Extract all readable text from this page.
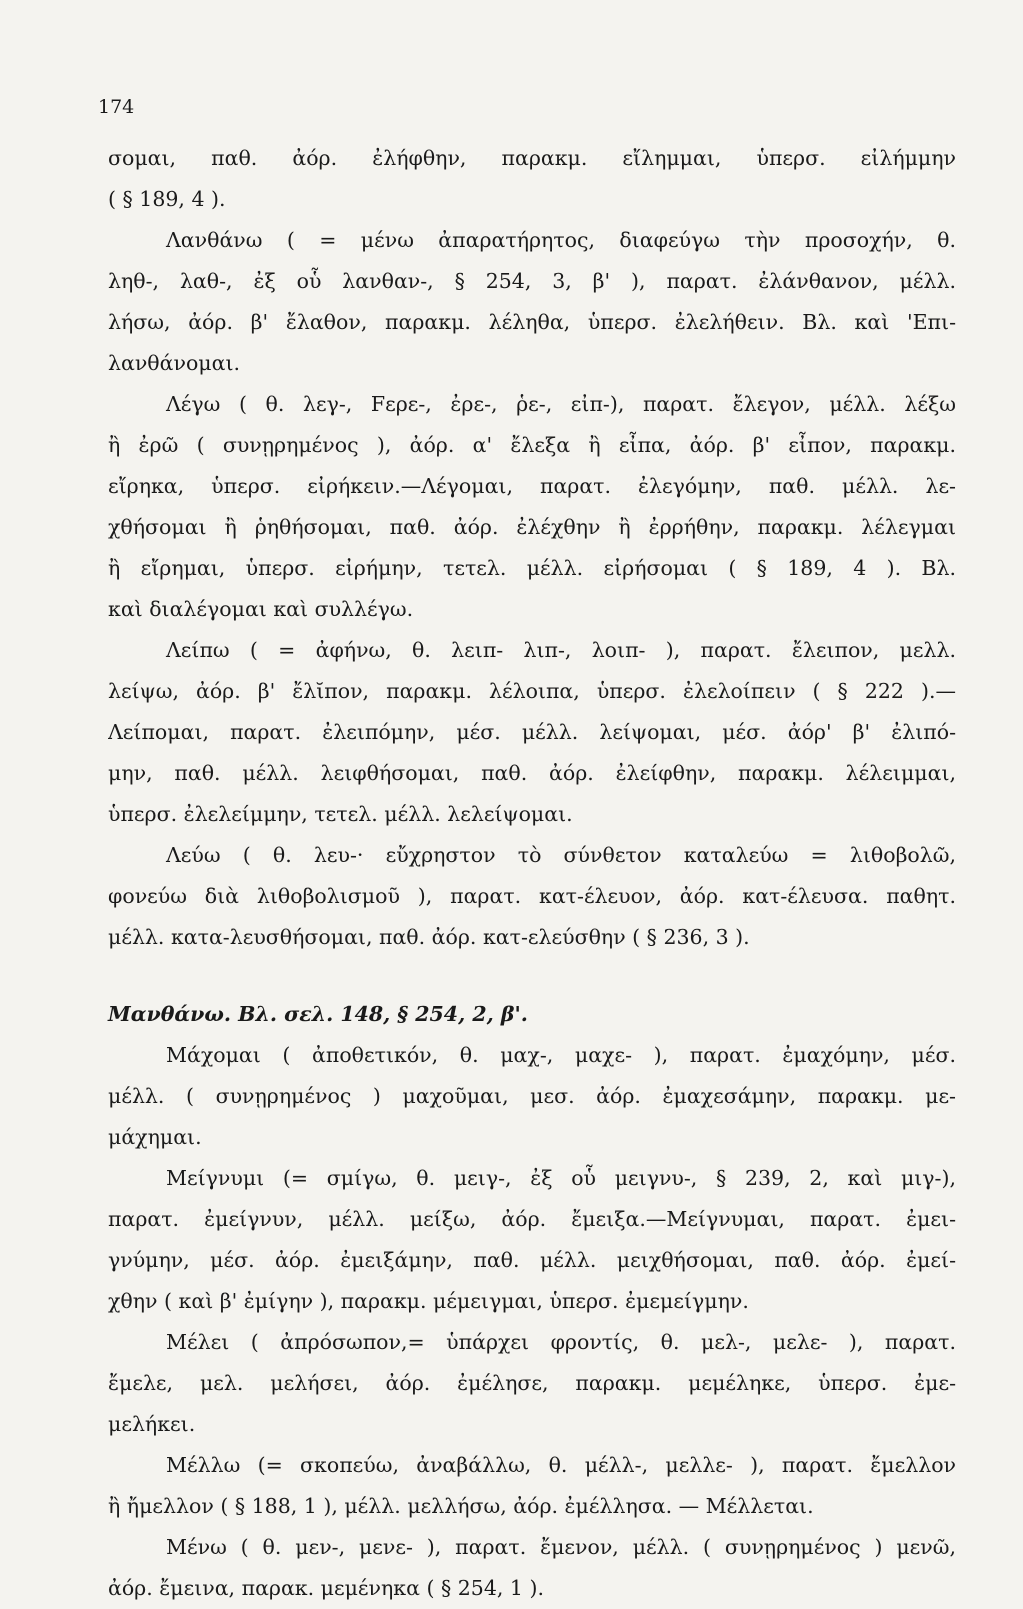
174
σομαι, παθ. ἀόρ. ἐλήφθην, παρακμ. εἴλημμαι, ὑπερσ. εἰλήμμην
( § 189, 4 ).
Λανθάνω ( = μένω ἀπαρατήρητος, διαφεύγω τὴν προσοχήν, θ.
ληθ-, λαθ-, ἐξ οὗ λανθαν-, § 254, 3, β' ), παρατ. ἐλάνθανον, μέλλ.
λήσω, ἀόρ. β' ἔλαθον, παρακμ. λέληθα, ὑπερσ. ἐλελήθειν. Βλ. καὶ 'Επι-
λανθάνομαι.
Λέγω ( θ. λεγ-, Fερε-, ἐρε-, ῥε-, εἰπ-), παρατ. ἔλεγον, μέλλ. λέξω
ἢ ἐρῶ ( συνῃρημένος ), ἀόρ. α' ἔλεξα ἢ εἶπα, ἀόρ. β' εἶπον, παρακμ.
εἴρηκα, ὑπερσ. εἰρήκειν.—Λέγομαι, παρατ. ἐλεγόμην, παθ. μέλλ. λε-
χθήσομαι ἢ ῥηθήσομαι, παθ. ἀόρ. ἐλέχθην ἢ ἐρρήθην, παρακμ. λέλεγμαι
ἢ εἴρημαι, ὑπερσ. εἰρήμην, τετελ. μέλλ. εἰρήσομαι ( § 189, 4 ). Βλ.
καὶ διαλέγομαι καὶ συλλέγω.
Λείπω ( = ἀφήνω, θ. λειπ- λιπ-, λοιπ- ), παρατ. ἔλειπον, μελλ.
λείψω, ἀόρ. β' ἔλῐπον, παρακμ. λέλοιπα, ὑπερσ. ἐλελοίπειν ( § 222 ).—
Λείπομαι, παρατ. ἐλειπόμην, μέσ. μέλλ. λείψομαι, μέσ. ἀόρ' β' ἐλιπό-
μην, παθ. μέλλ. λειφθήσομαι, παθ. ἀόρ. ἐλείφθην, παρακμ. λέλειμμαι,
ὑπερσ. ἐλελείμμην, τετελ. μέλλ. λελείψομαι.
Λεύω ( θ. λευ-· εὔχρηστον τὸ σύνθετον καταλεύω = λιθοβολῶ,
φονεύω διὰ λιθοβολισμοῦ ), παρατ. κατ-έλευον, ἀόρ. κατ-έλευσα. παθητ.
μέλλ. κατα-λευσθήσομαι, παθ. ἀόρ. κατ-ελεύσθην ( § 236, 3 ).
Μανθάνω. Βλ. σελ. 148, § 254, 2, β'.
Μάχομαι ( ἀποθετικόν, θ. μαχ-, μαχε- ), παρατ. ἐμαχόμην, μέσ.
μέλλ. ( συνῃρημένος ) μαχοῦμαι, μεσ. ἀόρ. ἐμαχεσάμην, παρακμ. με-
μάχημαι.
Μείγνυμι (= σμίγω, θ. μειγ-, ἐξ οὗ μειγνυ-, § 239, 2, καὶ μιγ-),
παρατ. ἐμείγνυν, μέλλ. μείξω, ἀόρ. ἔμειξα.—Μείγνυμαι, παρατ. ἐμει-
γνύμην, μέσ. ἀόρ. ἐμειξάμην, παθ. μέλλ. μειχθήσομαι, παθ. ἀόρ. ἐμεί-
χθην ( καὶ β' ἐμίγην ), παρακμ. μέμειγμαι, ὑπερσ. ἐμεμείγμην.
Μέλει ( ἀπρόσωπον,= ὑπάρχει φροντίς, θ. μελ-, μελε- ), παρατ.
ἔμελε, μελ. μελήσει, ἀόρ. ἐμέλησε, παρακμ. μεμέληκε, ὑπερσ. ἐμε-
μελήκει.
Μέλλω (= σκοπεύω, ἀναβάλλω, θ. μέλλ-, μελλε- ), παρατ. ἔμελλον
ἢ ἤμελλον ( § 188, 1 ), μέλλ. μελλήσω, ἀόρ. ἐμέλλησα. — Μέλλεται.
Μένω ( θ. μεν-, μενε- ), παρατ. ἔμενον, μέλλ. ( συνῃρημένος ) μενῶ,
ἀόρ. ἔμεινα, παρακ. μεμένηκα ( § 254, 1 ).
